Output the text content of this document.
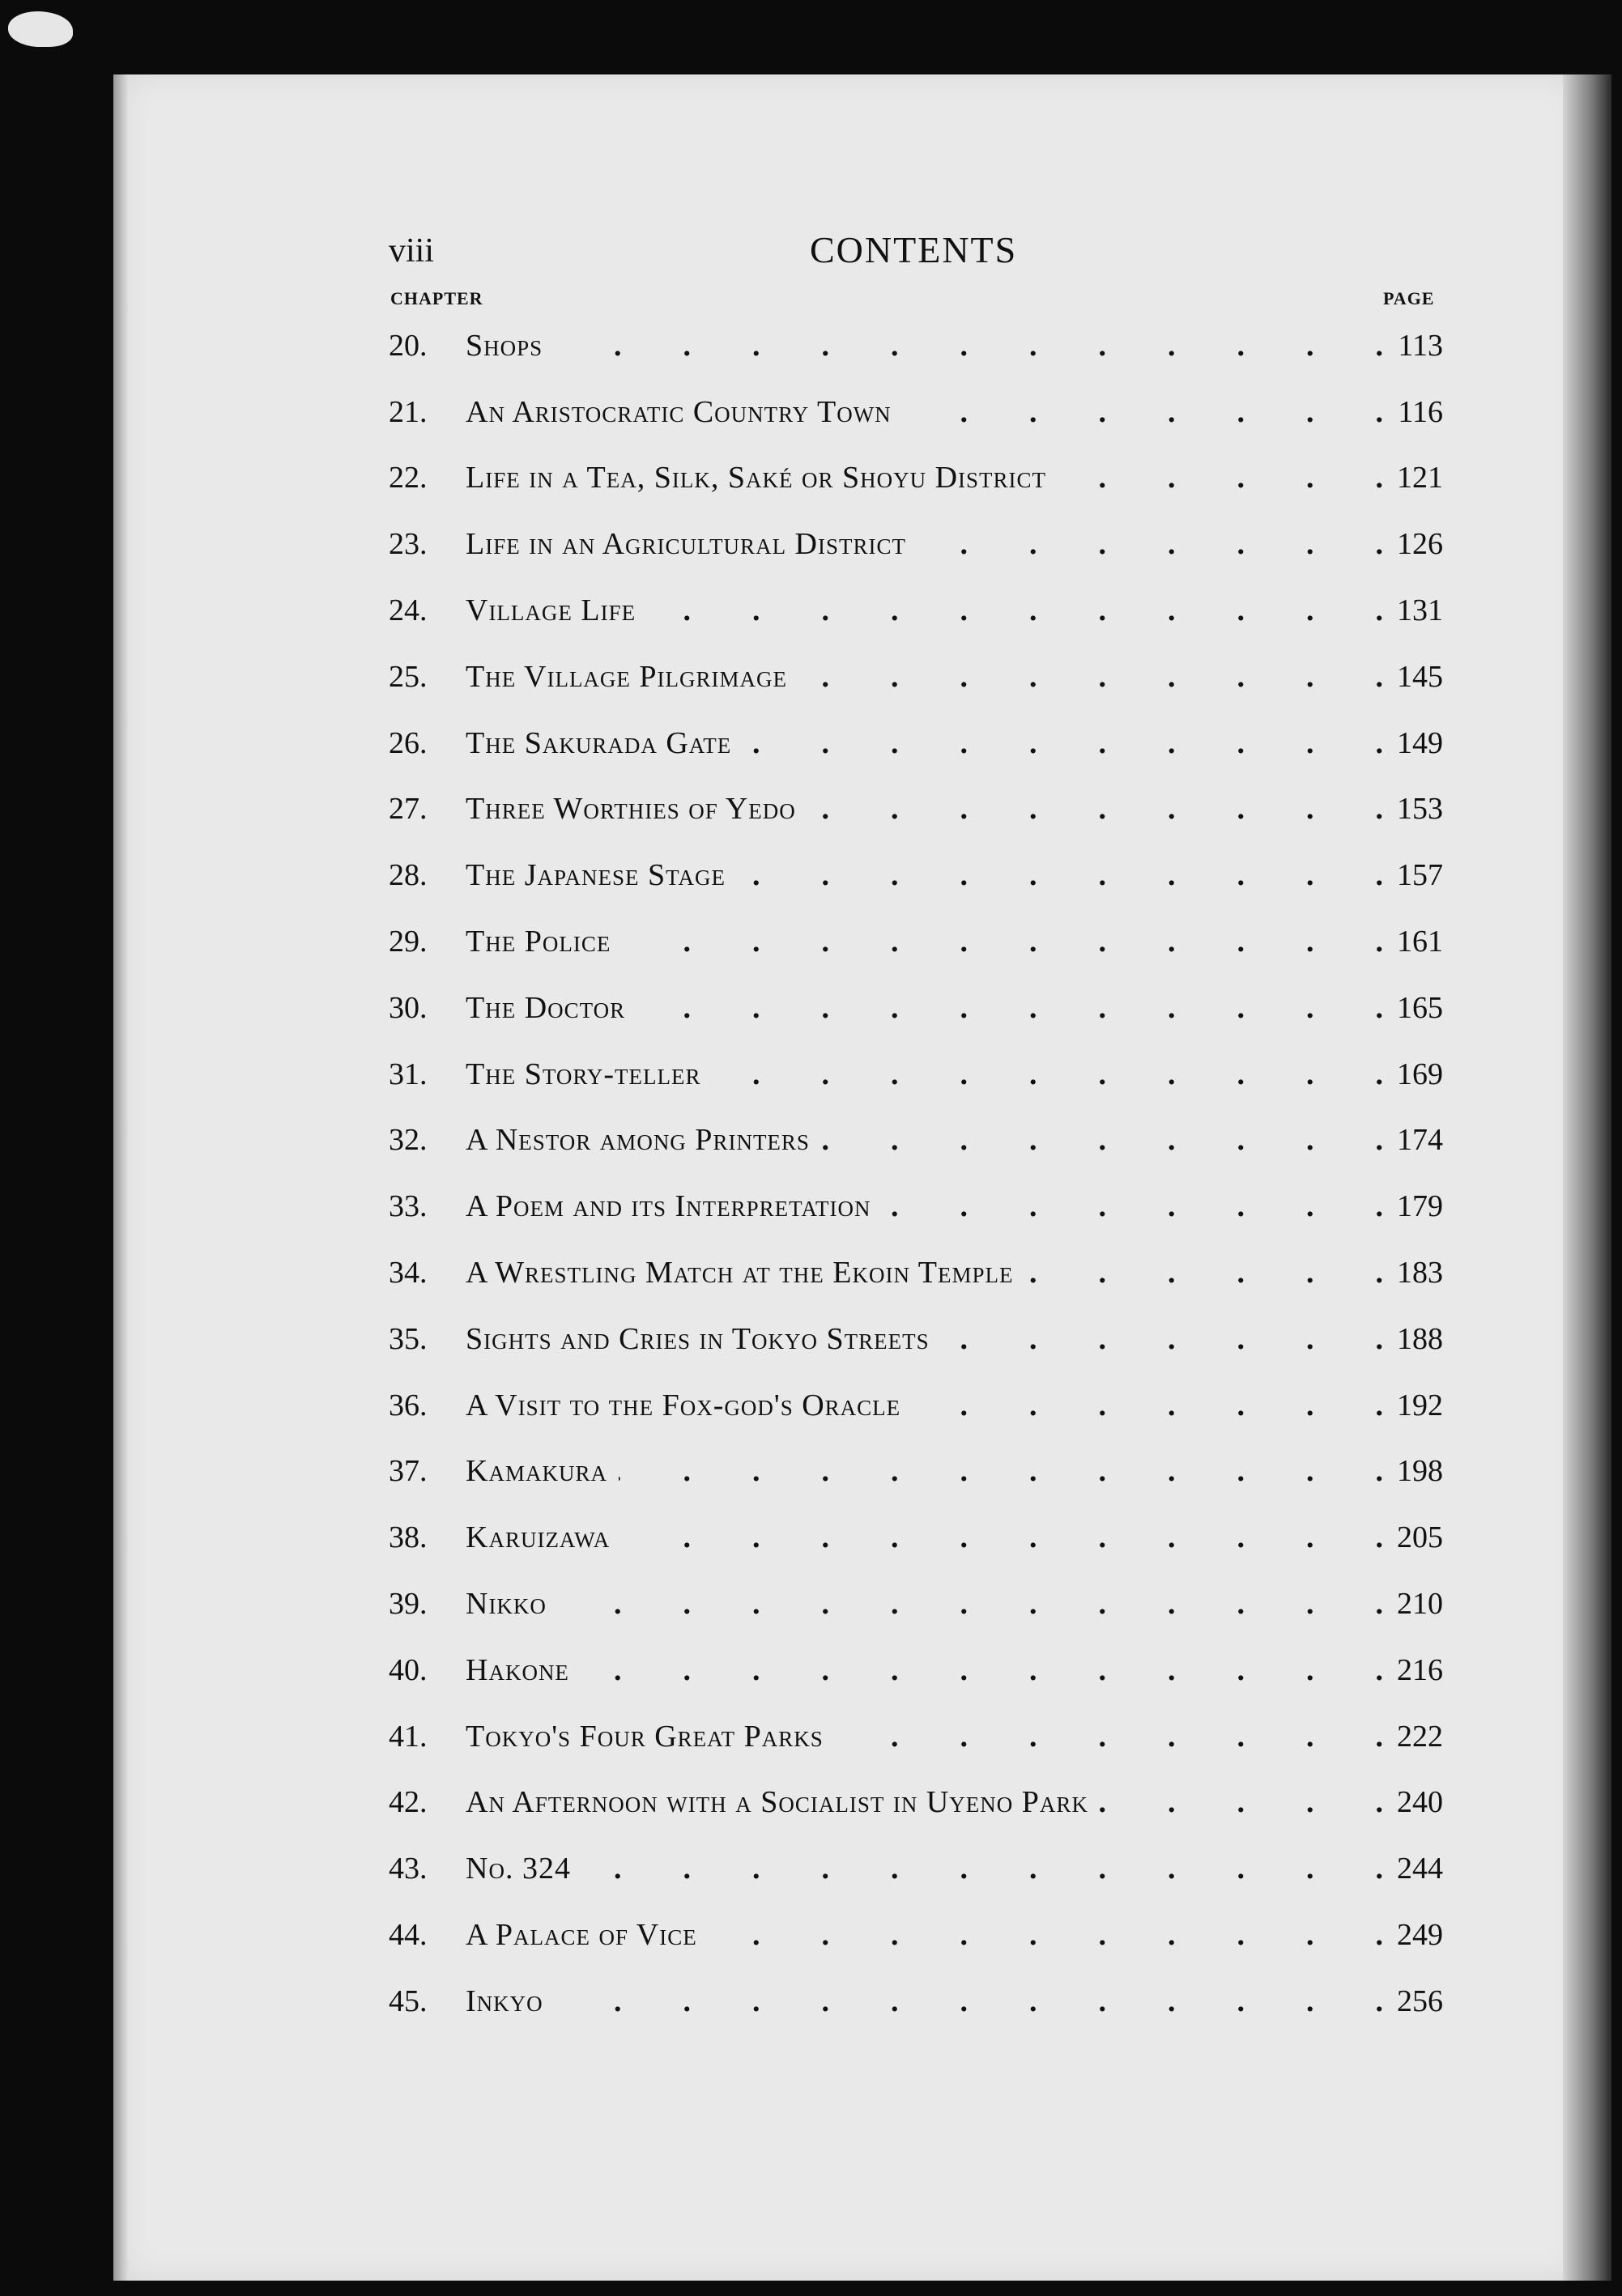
viii	CONTENTS
CHAPTER	PAGE
20.	Shops .  . 	113
21.	An Aristocratic Country Town .  . 	116
22.	Life in a Tea, Silk, Saké or Shoyu District .  . 	121
23.	Life in an Agricultural District .  . 	126
24.	Village Life .  . 	131
25.	The Village Pilgrimage .  . 	145
26.	The Sakurada Gate .  . 	149
27.	Three Worthies of Yedo .  . 	153
28.	The Japanese Stage .  . 	157
29.	The Police .  . 	161
30.	The Doctor .  . 	165
31.	The Story-teller .  . 	169
32.	A Nestor among Printers .  . 	174
33.	A Poem and its Interpretation .  . 	179
34.	A Wrestling Match at the Ekoin Temple .  . 	183
35.	Sights and Cries in Tokyo Streets .  . 	188
36.	A Visit to the Fox-god's Oracle .  . 	192
37.	Kamakura .  . 	198
38.	Karuizawa .  . 	205
39.	Nikko .  . 	210
40.	Hakone .  . 	216
41.	Tokyo's Four Great Parks .  . 	222
42.	An Afternoon with a Socialist in Uyeno Park .  . 	240
43.	No. 324 .  . 	244
44.	A Palace of Vice .  . 	249
45.	Inkyo .  . 	256
